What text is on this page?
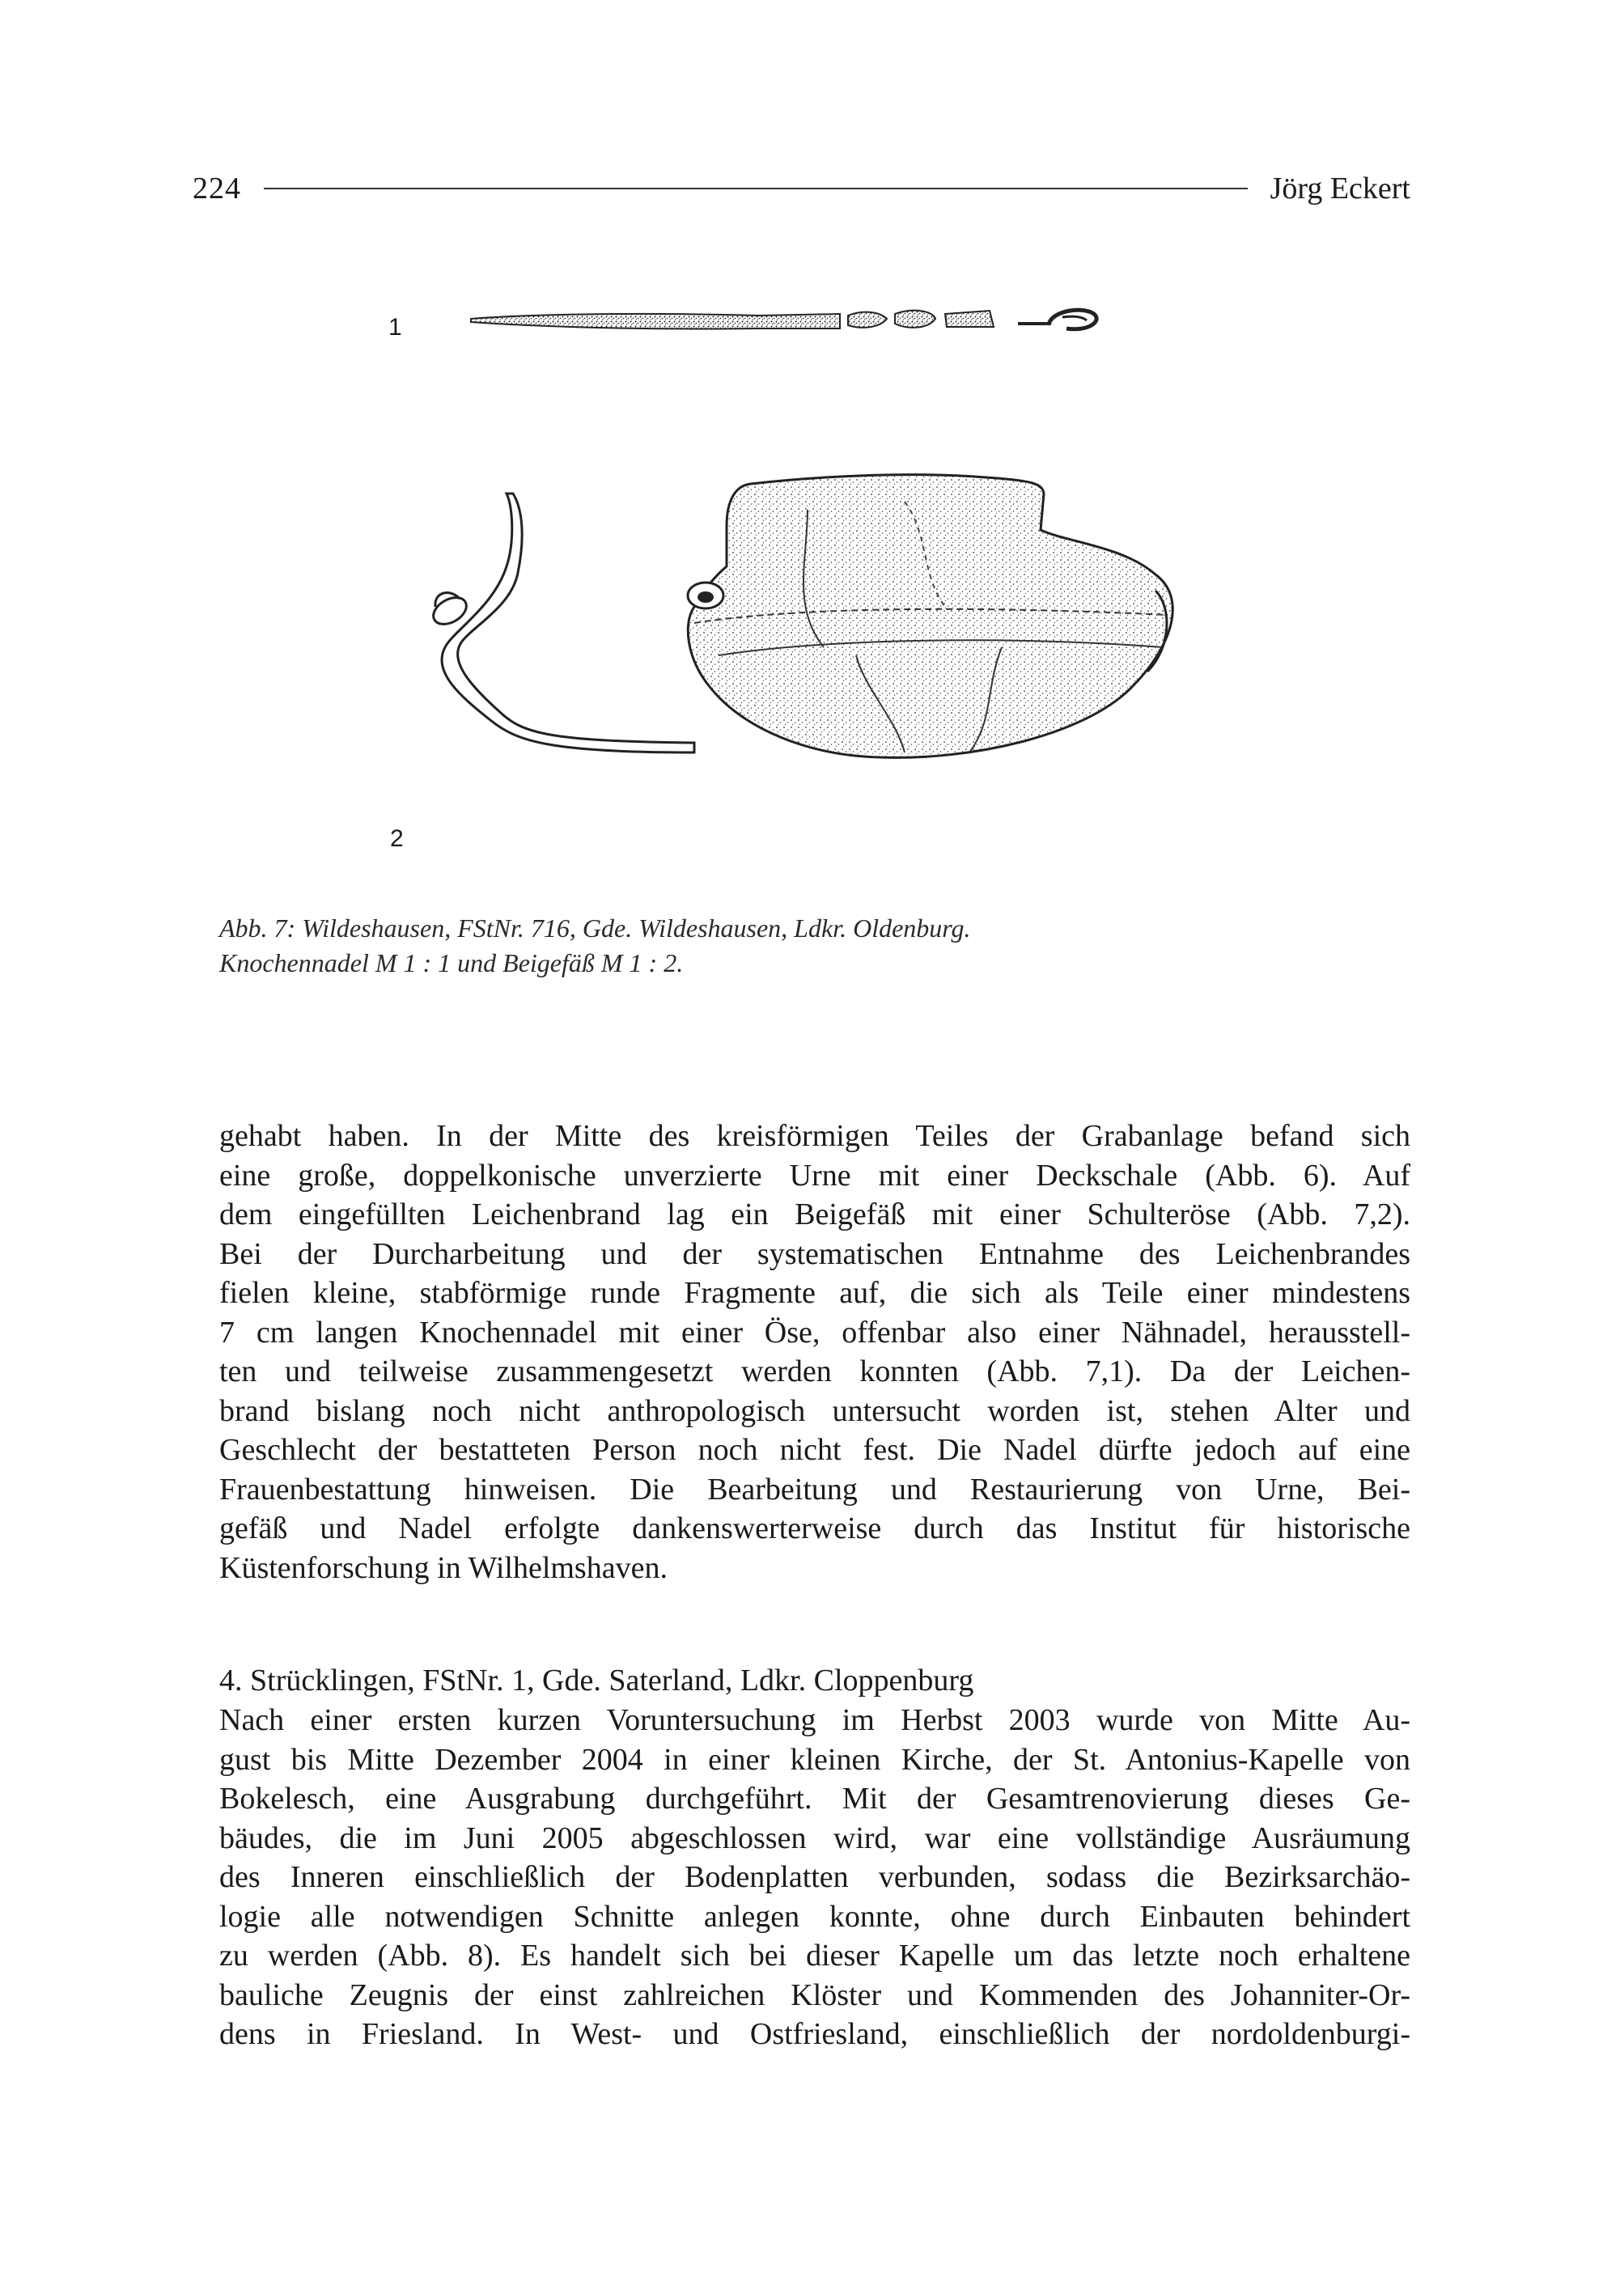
224	Jörg Eckert
1
2
Abb. 7: Wildeshausen, FStNr. 716, Gde. Wildeshausen, Ldkr. Oldenburg.
Knochennadel M 1 : 1 und Beigefäß M 1 : 2.
gehabt haben. In der Mitte des kreisförmigen Teiles der Grabanlage befand sich
eine große, doppelkonische unverzierte Urne mit einer Deckschale (Abb. 6). Auf
dem eingefüllten Leichenbrand lag ein Beigefäß mit einer Schulteröse (Abb. 7,2).
Bei der Durcharbeitung und der systematischen Entnahme des Leichenbrandes
fielen kleine, stabförmige runde Fragmente auf, die sich als Teile einer mindestens
7 cm langen Knochennadel mit einer Öse, offenbar also einer Nähnadel, herausstell-
ten und teilweise zusammengesetzt werden konnten (Abb. 7,1). Da der Leichen-
brand bislang noch nicht anthropologisch untersucht worden ist, stehen Alter und
Geschlecht der bestatteten Person noch nicht fest. Die Nadel dürfte jedoch auf eine
Frauenbestattung hinweisen. Die Bearbeitung und Restaurierung von Urne, Bei-
gefäß und Nadel erfolgte dankenswerterweise durch das Institut für historische
Küstenforschung in Wilhelmshaven.
4. Strücklingen, FStNr. 1, Gde. Saterland, Ldkr. Cloppenburg
Nach einer ersten kurzen Voruntersuchung im Herbst 2003 wurde von Mitte Au-
gust bis Mitte Dezember 2004 in einer kleinen Kirche, der St. Antonius-Kapelle von
Bokelesch, eine Ausgrabung durchgeführt. Mit der Gesamtrenovierung dieses Ge-
bäudes, die im Juni 2005 abgeschlossen wird, war eine vollständige Ausräumung
des Inneren einschließlich der Bodenplatten verbunden, sodass die Bezirksarchäo-
logie alle notwendigen Schnitte anlegen konnte, ohne durch Einbauten behindert
zu werden (Abb. 8). Es handelt sich bei dieser Kapelle um das letzte noch erhaltene
bauliche Zeugnis der einst zahlreichen Klöster und Kommenden des Johanniter-Or-
dens in Friesland. In West- und Ostfriesland, einschließlich der nordoldenburgi-
